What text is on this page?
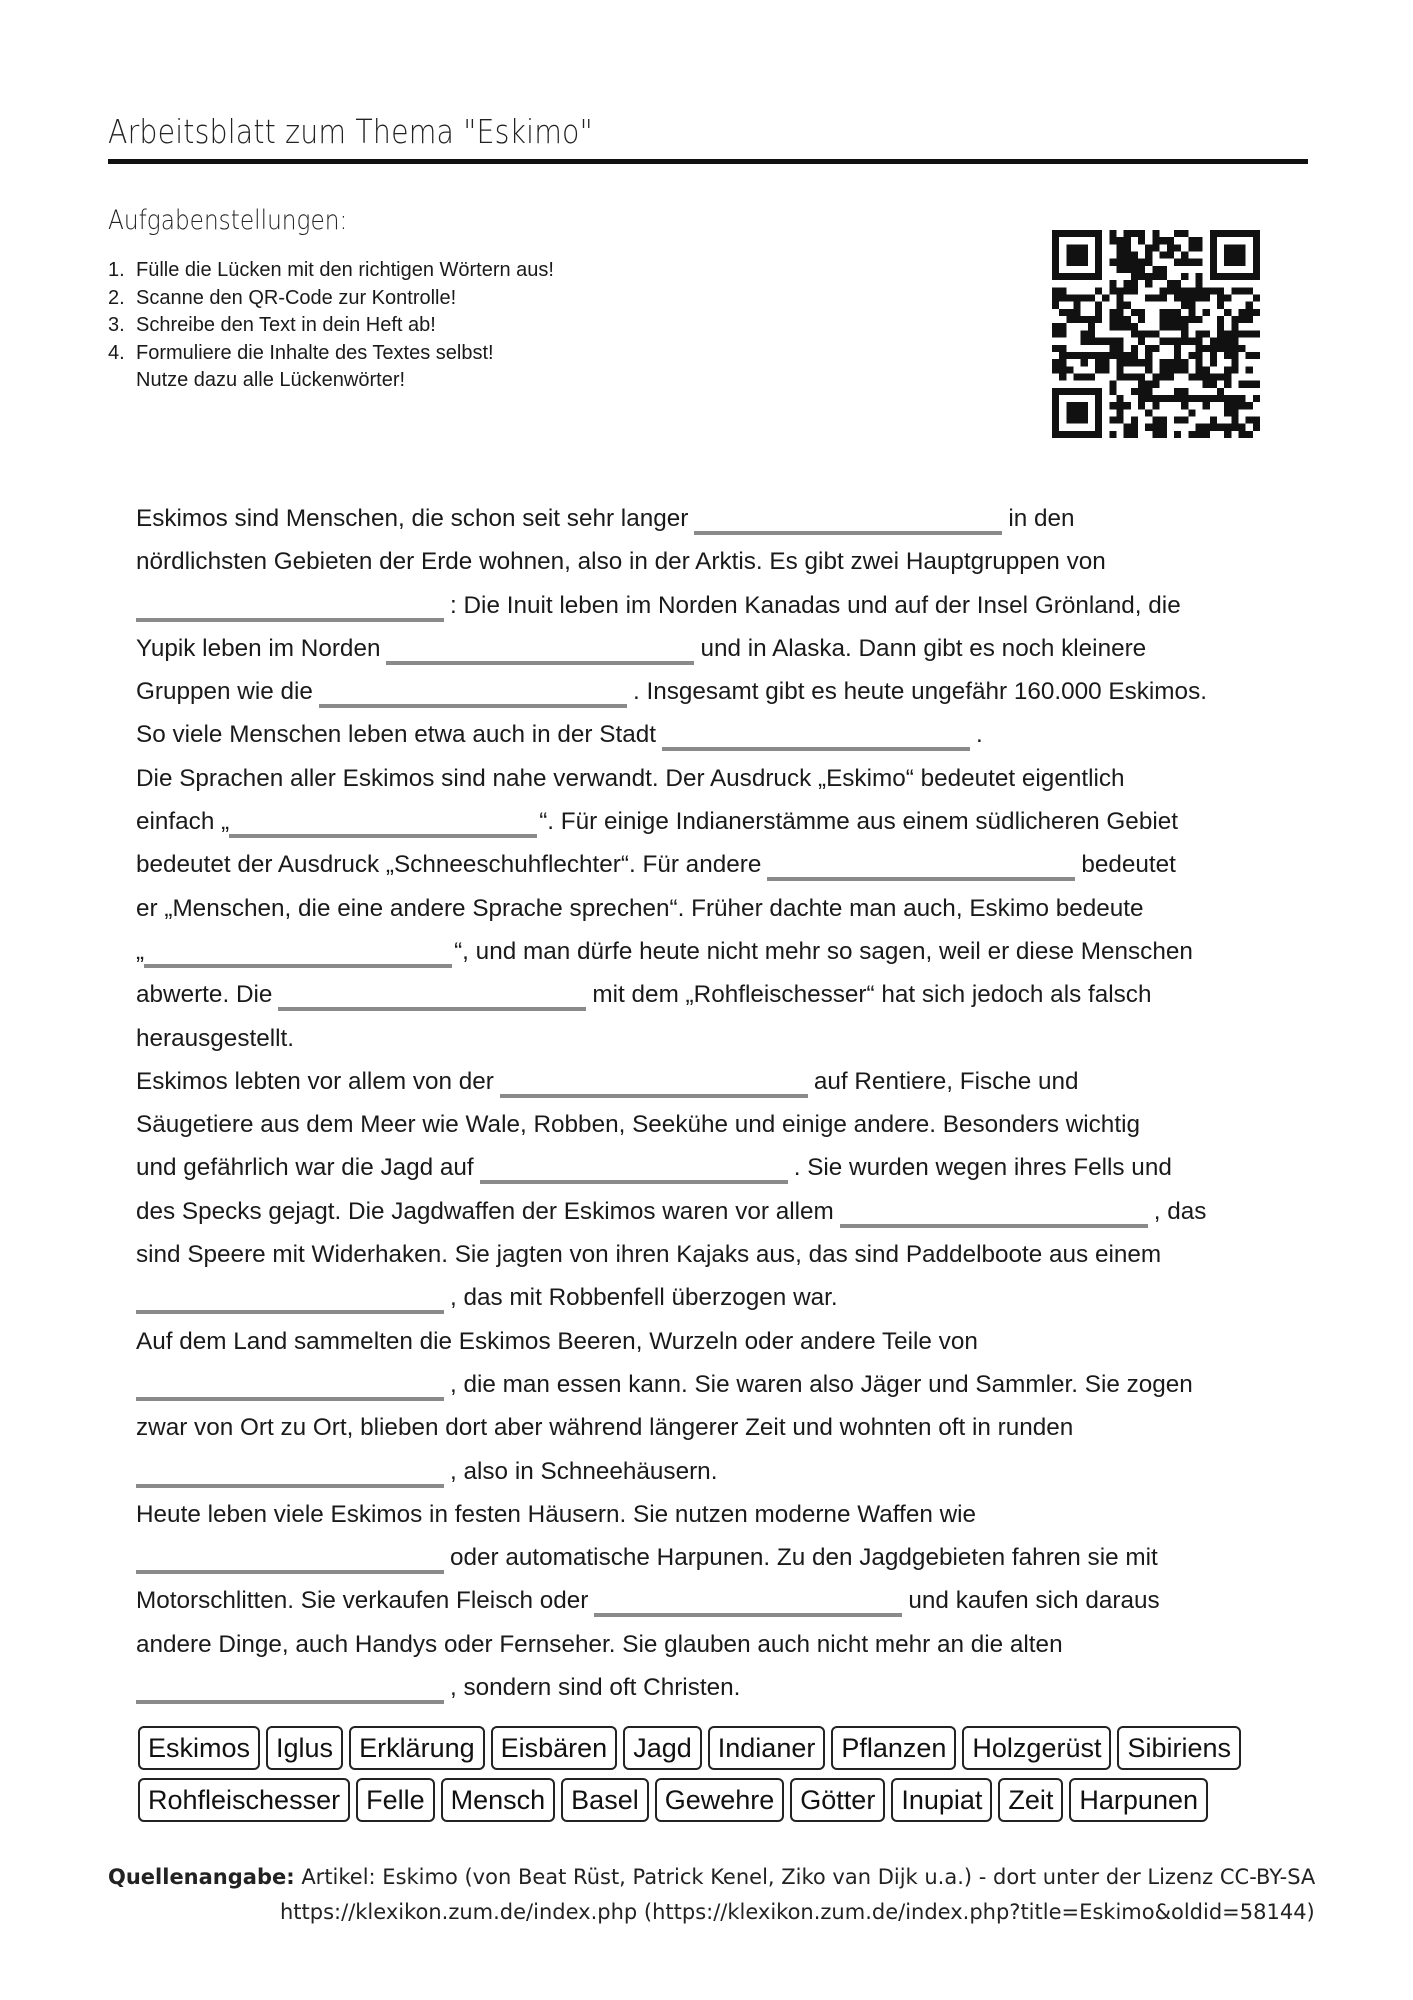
Arbeitsblatt zum Thema "Eskimo"
Aufgabenstellungen:
1. Fülle die Lücken mit den richtigen Wörtern aus!
2. Scanne den QR-Code zur Kontrolle!
3. Schreibe den Text in dein Heft ab!
4. Formuliere die Inhalte des Textes selbst!
Nutze dazu alle Lückenwörter!
Eskimos sind Menschen, die schon seit sehr langer	in den
nördlichsten Gebieten der Erde wohnen, also in der Arktis. Es gibt zwei Hauptgruppen von
: Die Inuit leben im Norden Kanadas und auf der Insel Grönland, die
Yupik leben im Norden	und in Alaska. Dann gibt es noch kleinere
Gruppen wie die	. Insgesamt gibt es heute ungefähr 160.000 Eskimos.
So viele Menschen leben etwa auch in der Stadt	.
Die Sprachen aller Eskimos sind nahe verwandt. Der Ausdruck „Eskimo“ bedeutet eigentlich
einfach „	“. Für einige Indianerstämme aus einem südlicheren Gebiet
bedeutet der Ausdruck „Schneeschuhflechter“. Für andere	bedeutet
er „Menschen, die eine andere Sprache sprechen“. Früher dachte man auch, Eskimo bedeute
„	“, und man dürfe heute nicht mehr so sagen, weil er diese Menschen
abwerte. Die	mit dem „Rohfleischesser“ hat sich jedoch als falsch
herausgestellt.
Eskimos lebten vor allem von der	auf Rentiere, Fische und
Säugetiere aus dem Meer wie Wale, Robben, Seekühe und einige andere. Besonders wichtig
und gefährlich war die Jagd auf	. Sie wurden wegen ihres Fells und
des Specks gejagt. Die Jagdwaffen der Eskimos waren vor allem	, das
sind Speere mit Widerhaken. Sie jagten von ihren Kajaks aus, das sind Paddelboote aus einem
, das mit Robbenfell überzogen war.
Auf dem Land sammelten die Eskimos Beeren, Wurzeln oder andere Teile von
, die man essen kann. Sie waren also Jäger und Sammler. Sie zogen
zwar von Ort zu Ort, blieben dort aber während längerer Zeit und wohnten oft in runden
, also in Schneehäusern.
Heute leben viele Eskimos in festen Häusern. Sie nutzen moderne Waffen wie
oder automatische Harpunen. Zu den Jagdgebieten fahren sie mit
Motorschlitten. Sie verkaufen Fleisch oder	und kaufen sich daraus
andere Dinge, auch Handys oder Fernseher. Sie glauben auch nicht mehr an die alten
, sondern sind oft Christen.
Eskimos Iglus Erklärung Eisbären Jagd Indianer Pflanzen Holzgerüst Sibiriens
Rohfleischesser Felle Mensch Basel Gewehre Götter Inupiat Zeit Harpunen
Quellenangabe: Artikel: Eskimo (von Beat Rüst, Patrick Kenel, Ziko van Dijk u.a.) - dort unter der Lizenz CC-BY-SA
https://klexikon.zum.de/index.php (https://klexikon.zum.de/index.php?title=Eskimo&oldid=58144)
